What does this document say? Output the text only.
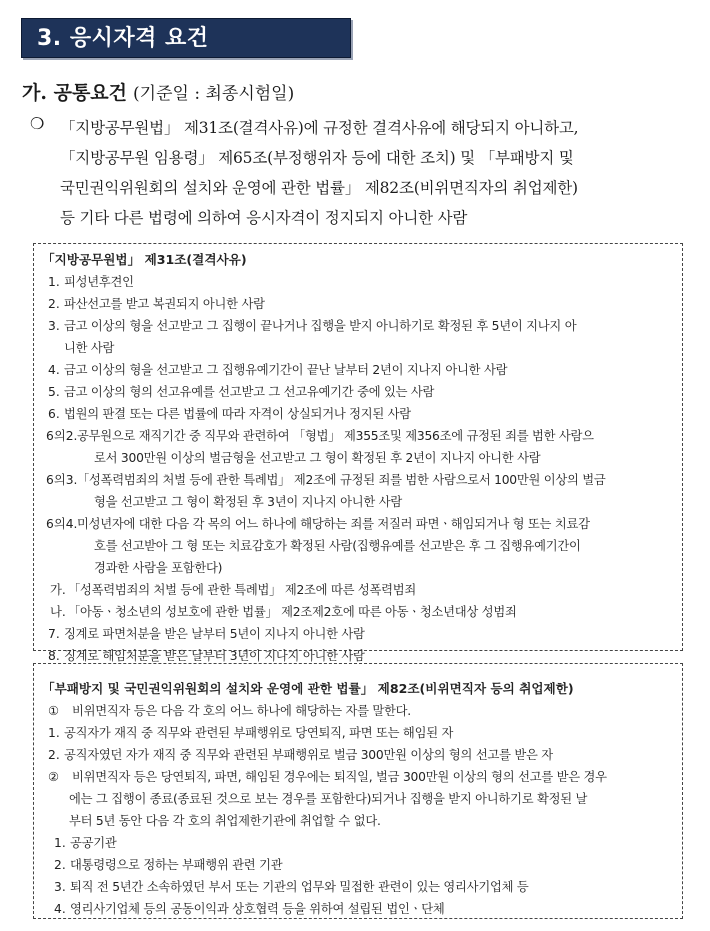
3. 응시자격 요건
가. 공통요건 (기준일 : 최종시험일)
❍	「지방공무원법」 제31조(결격사유)에 규정한 결격사유에 해당되지 아니하고,
「지방공무원 임용령」 제65조(부정행위자 등에 대한 조치) 및 「부패방지 및
국민권익위원회의 설치와 운영에 관한 법률」 제82조(비위면직자의 취업제한)
등 기타 다른 법령에 의하여 응시자격이 정지되지 아니한 사람
「지방공무원법」 제31조(결격사유)
1. 피성년후견인
2. 파산선고를 받고 복권되지 아니한 사람
3. 금고 이상의 형을 선고받고 그 집행이 끝나거나 집행을 받지 아니하기로 확정된 후 5년이 지나지 아
니한 사람
4. 금고 이상의 형을 선고받고 그 집행유예기간이 끝난 날부터 2년이 지나지 아니한 사람
5. 금고 이상의 형의 선고유예를 선고받고 그 선고유예기간 중에 있는 사람
6. 법원의 판결 또는 다른 법률에 따라 자격이 상실되거나 정지된 사람
6의2. 공무원으로 재직기간 중 직무와 관련하여 「형법」 제355조및 제356조에 규정된 죄를 범한 사람으
로서 300만원 이상의 벌금형을 선고받고 그 형이 확정된 후 2년이 지나지 아니한 사람
6의3. 「성폭력범죄의 처벌 등에 관한 특례법」 제2조에 규정된 죄를 범한 사람으로서 100만원 이상의 벌금
형을 선고받고 그 형이 확정된 후 3년이 지나지 아니한 사람
6의4. 미성년자에 대한 다음 각 목의 어느 하나에 해당하는 죄를 저질러 파면ㆍ해임되거나 형 또는 치료감
호를 선고받아 그 형 또는 치료감호가 확정된 사람(집행유예를 선고받은 후 그 집행유예기간이
경과한 사람을 포함한다)
가. 「성폭력범죄의 처벌 등에 관한 특례법」 제2조에 따른 성폭력범죄
나. 「아동ㆍ청소년의 성보호에 관한 법률」 제2조제2호에 따른 아동ㆍ청소년대상 성범죄
7. 징계로 파면처분을 받은 날부터 5년이 지나지 아니한 사람
8. 징계로 해임처분을 받은 날부터 3년이 지나지 아니한 사람
「부패방지 및 국민권익위원회의 설치와 운영에 관한 법률」 제82조(비위면직자 등의 취업제한)
① 비위면직자 등은 다음 각 호의 어느 하나에 해당하는 자를 말한다.
1. 공직자가 재직 중 직무와 관련된 부패행위로 당연퇴직, 파면 또는 해임된 자
2. 공직자였던 자가 재직 중 직무와 관련된 부패행위로 벌금 300만원 이상의 형의 선고를 받은 자
② 비위면직자 등은 당연퇴직, 파면, 해임된 경우에는 퇴직일, 벌금 300만원 이상의 형의 선고를 받은 경우
에는 그 집행이 종료(종료된 것으로 보는 경우를 포함한다)되거나 집행을 받지 아니하기로 확정된 날
부터 5년 동안 다음 각 호의 취업제한기관에 취업할 수 없다.
1. 공공기관
2. 대통령령으로 정하는 부패행위 관련 기관
3. 퇴직 전 5년간 소속하였던 부서 또는 기관의 업무와 밀접한 관련이 있는 영리사기업체 등
4. 영리사기업체 등의 공동이익과 상호협력 등을 위하여 설립된 법인ㆍ단체
